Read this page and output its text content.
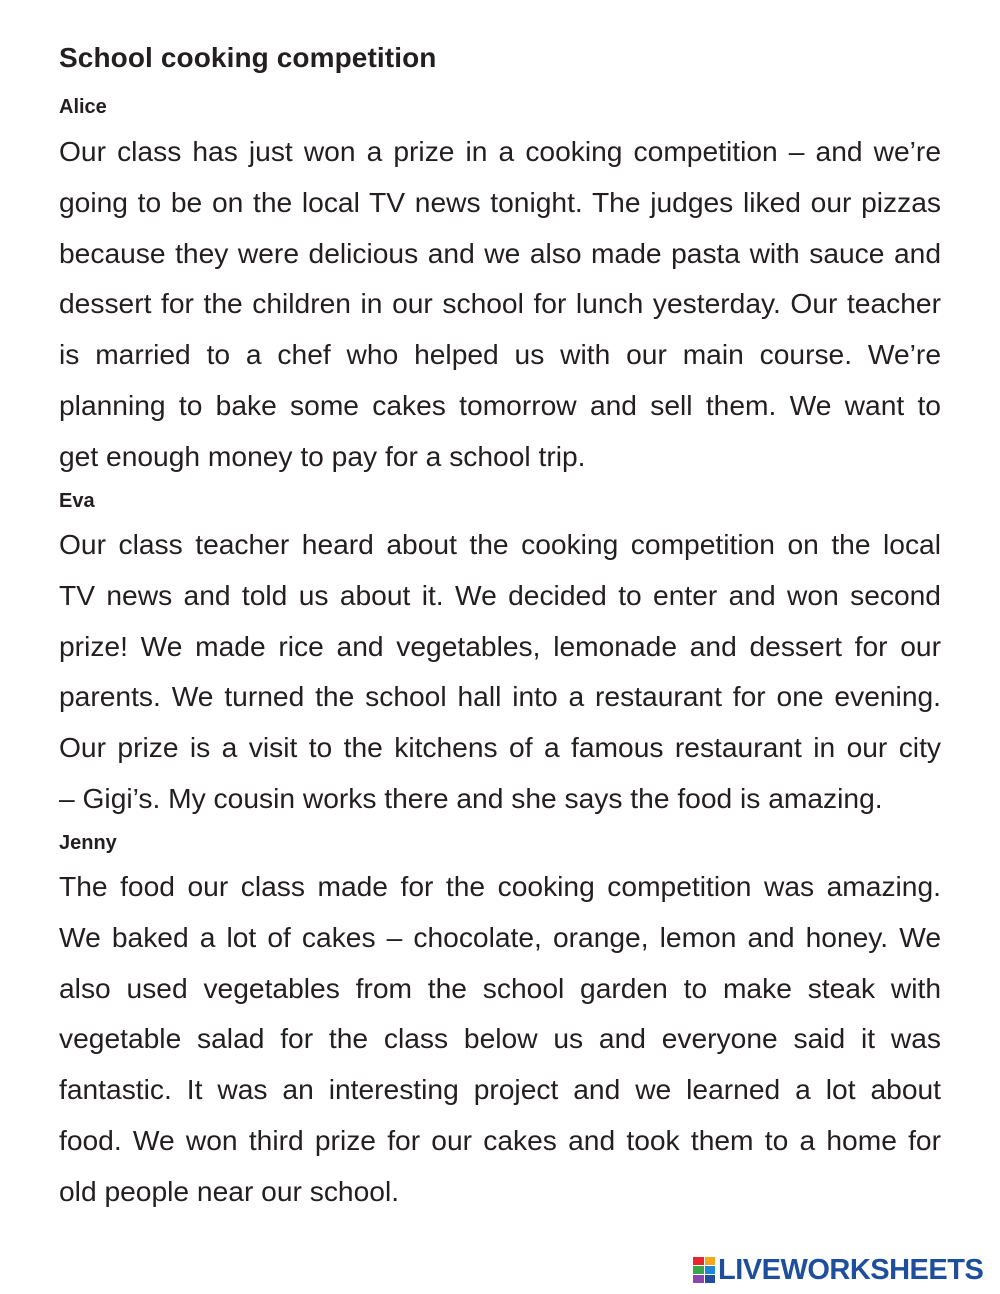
School cooking competition
Alice
Our class has just won a prize in a cooking competition – and we’re
going to be on the local TV news tonight. The judges liked our pizzas
because they were delicious and we also made pasta with sauce and
dessert for the children in our school for lunch yesterday. Our teacher
is married to a chef who helped us with our main course. We’re
planning to bake some cakes tomorrow and sell them. We want to
get enough money to pay for a school trip.
Eva
Our class teacher heard about the cooking competition on the local
TV news and told us about it. We decided to enter and won second
prize! We made rice and vegetables, lemonade and dessert for our
parents. We turned the school hall into a restaurant for one evening.
Our prize is a visit to the kitchens of a famous restaurant in our city
– Gigi’s. My cousin works there and she says the food is amazing.
Jenny
The food our class made for the cooking competition was amazing.
We baked a lot of cakes – chocolate, orange, lemon and honey. We
also used vegetables from the school garden to make steak with
vegetable salad for the class below us and everyone said it was
fantastic. It was an interesting project and we learned a lot about
food. We won third prize for our cakes and took them to a home for
old people near our school.
LIVEWORKSHEETS
